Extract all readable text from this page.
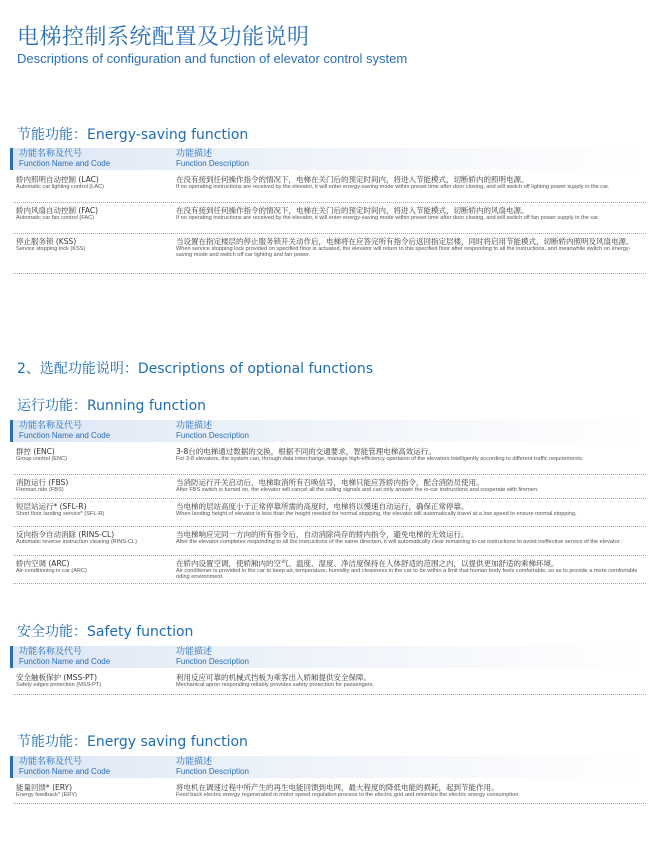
电梯控制系统配置及功能说明
Descriptions of configuration and function of elevator control system
节能功能：Energy-saving function
功能名称及代号
Function Name and Code
功能描述
Function Description
轿内照明自动控制 (LAC)
Automatic car lighting control (LAC)
在没有接到任何操作指令的情况下，电梯在关门后的预定时间内，将进入节能模式，切断轿内的照明电源。
If no operating instructions are received by the elevator, it will enter energy-saving mode within preset time after door closing, and will switch off lighting power supply in the car.
轿内风扇自动控制 (FAC)
Automatic car fan control (FAC)
在没有接到任何操作指令的情况下，电梯在关门后的预定时间内，将进入节能模式，切断轿内的风扇电源。
If no operating instructions are received by the elevator, it will enter energy-saving mode within preset time after door closing, and will switch off fan power supply in the car.
停止服务锁 (KSS)
Service stopping lock (KSS)
当设置在指定楼层的停止服务锁开关动作后，电梯将在应答完所有指令后返回指定层楼，同时将启用节能模式，切断轿内照明及风扇电源。
When service stopping lock provided on specified floor is actuated, the elevator will return to this specified floor after responding to all the instructions, and meanwhile switch on energy-saving mode and switch off car lighting and fan power.
2、选配功能说明：Descriptions of optional functions
运行功能：Running function
功能名称及代号
Function Name and Code
功能描述
Function Description
群控 (ENC)
Group control (ENC)
3-8台的电梯通过数据的交换，根据不同的交通要求，智能管理电梯高效运行。
For 3-8 elevators, the system can, through data interchange, manage high-efficiency opertaion of the elevators intelligently according to different traffic requirements.
消防运行 (FBS)
Fireman ride (FBS)
当消防运行开关启动后，电梯取消所有召唤信号，电梯只能应答轿内指令，配合消防员使用。
After FBS switch is turned on, the elevator will cancel all the calling signals and can only answer the in-car instructions and cooperate with firemen.
短层站运行* (SFL-R)
Short floor landing service* (SFL-R)
当电梯的层站高度小于正常停靠所需的高度时，电梯将以慢速自动运行，确保正常停靠。
When landing height of elevator is less than the height needed for normal stopping, the elevator will automatically travel at a low speed to ensure normal stopping.
反向指令自动消除 (RINS-CL)
Automatic reverse instruction clearing (RINS-CL)
当电梯响应完同一方向的所有指令后，自动消除尚存的轿内指令，避免电梯的无效运行。
After the elevator completes responding to all the instructions of the same direction, it will automatically clear remaining in-car instructions to avoid ineffective service of the elevator.
轿内空调 (ARC)
Air-conditioning in car (ARC)
在轿内设置空调，使轿厢内的空气、温度、湿度、净洁度保持在人体舒适的范围之内，以提供更加舒适的乘梯环境。
Air conditioner is provided in the car to keep air, temperature, humidity and cleanness in the car to be within a limit that human body feels comfortable, so as to provide a more comfortable riding environment.
安全功能：Safety function
功能名称及代号
Function Name and Code
功能描述
Function Description
安全触板保护 (MSS-PT)
Safety edges protection (MSS-PT)
利用反应可靠的机械式挡板为乘客出入轿厢提供安全保障。
Mechanical apron responding reliably provides safety protection for passengers.
节能功能：Energy saving function
功能名称及代号
Function Name and Code
功能描述
Function Description
能量回馈* (ERY)
Energy feedback* (ERY)
将电机在调速过程中所产生的再生电能回馈到电网，最大程度的降低电能的损耗，起到节能作用。
Feed back electric energy regenerated in motor speed regulation process to the electric grid and minimize the electric energy consumption.
